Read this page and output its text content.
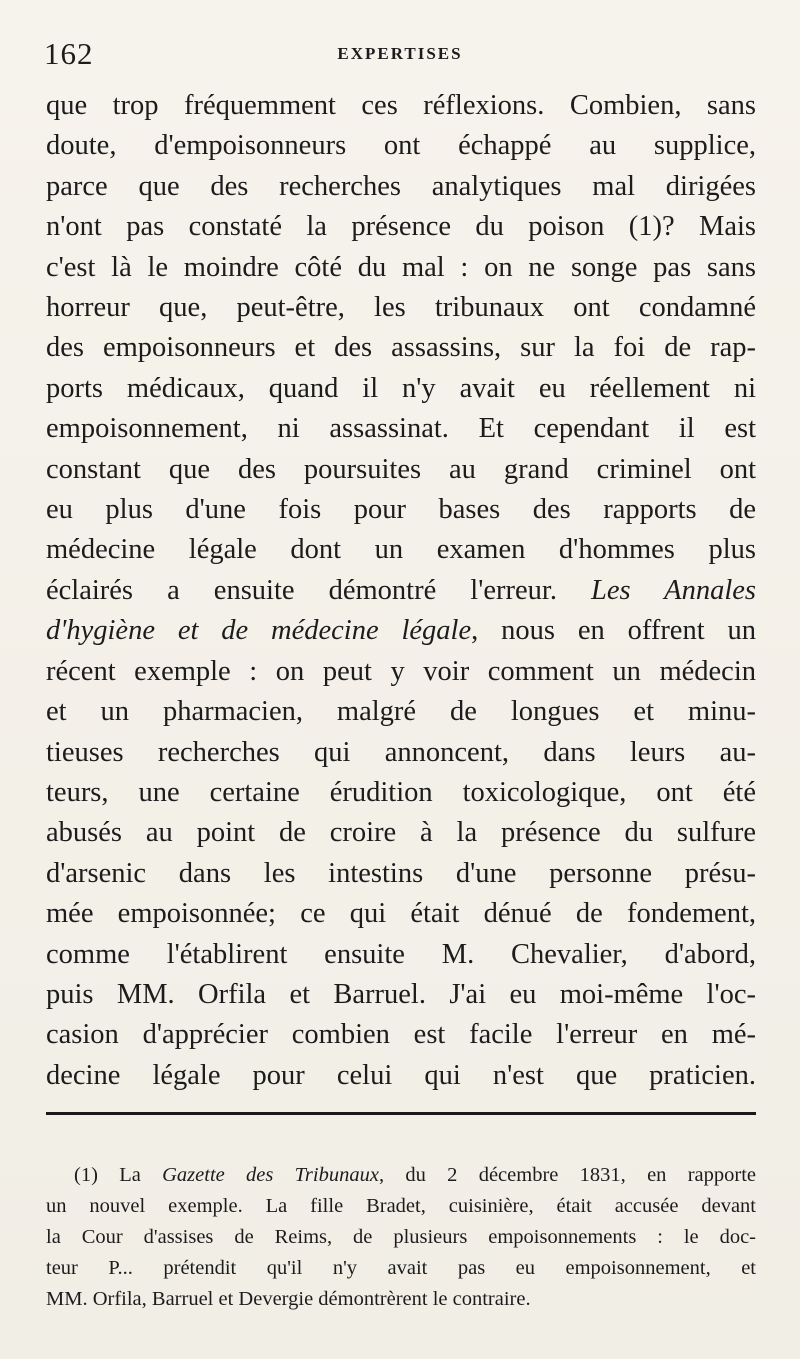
162	EXPERTISES
que trop fréquemment ces réflexions. Combien, sans
doute, d'empoisonneurs ont échappé au supplice,
parce que des recherches analytiques mal dirigées
n'ont pas constaté la présence du poison (1)? Mais
c'est là le moindre côté du mal : on ne songe pas sans
horreur que, peut-être, les tribunaux ont condamné
des empoisonneurs et des assassins, sur la foi de rap-
ports médicaux, quand il n'y avait eu réellement ni
empoisonnement, ni assassinat. Et cependant il est
constant que des poursuites au grand criminel ont
eu plus d'une fois pour bases des rapports de
médecine légale dont un examen d'hommes plus
éclairés a ensuite démontré l'erreur. Les Annales
d'hygiène et de médecine légale, nous en offrent un
récent exemple : on peut y voir comment un médecin
et un pharmacien, malgré de longues et minu-
tieuses recherches qui annoncent, dans leurs au-
teurs, une certaine érudition toxicologique, ont été
abusés au point de croire à la présence du sulfure
d'arsenic dans les intestins d'une personne présu-
mée empoisonnée; ce qui était dénué de fondement,
comme l'établirent ensuite M. Chevalier, d'abord,
puis MM. Orfila et Barruel. J'ai eu moi-même l'oc-
casion d'apprécier combien est facile l'erreur en mé-
decine légale pour celui qui n'est que praticien.
(1) La Gazette des Tribunaux, du 2 décembre 1831, en rapporte
un nouvel exemple. La fille Bradet, cuisinière, était accusée devant
la Cour d'assises de Reims, de plusieurs empoisonnements : le doc-
teur P... prétendit qu'il n'y avait pas eu empoisonnement, et
MM. Orfila, Barruel et Devergie démontrèrent le contraire.
